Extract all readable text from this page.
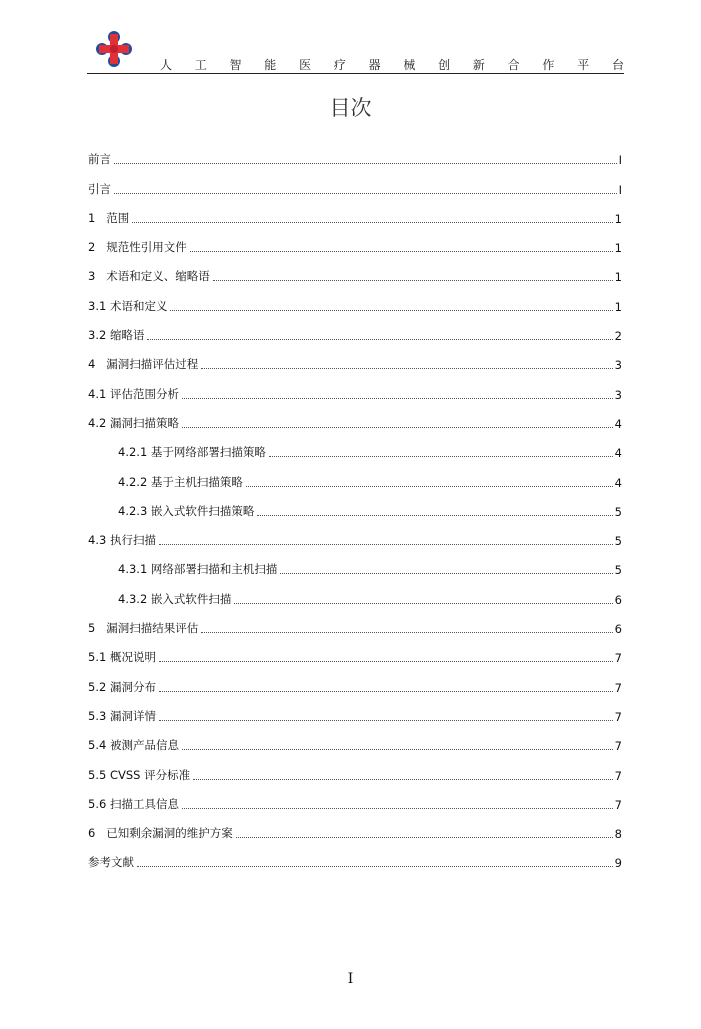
人 工 智 能 医 疗 器 械 创 新 合 作 平 台
目次
前言	I
引言	I
1   范围	1
2   规范性引用文件	1
3   术语和定义、缩略语	1
3.1 术语和定义	1
3.2 缩略语	2
4   漏洞扫描评估过程	3
4.1 评估范围分析	3
4.2 漏洞扫描策略	4
4.2.1 基于网络部署扫描策略	4
4.2.2 基于主机扫描策略	4
4.2.3 嵌入式软件扫描策略	5
4.3 执行扫描	5
4.3.1 网络部署扫描和主机扫描	5
4.3.2 嵌入式软件扫描	6
5   漏洞扫描结果评估	6
5.1 概况说明	7
5.2 漏洞分布	7
5.3 漏洞详情	7
5.4 被测产品信息	7
5.5 CVSS 评分标准	7
5.6 扫描工具信息	7
6   已知剩余漏洞的维护方案	8
参考文献	9
I
